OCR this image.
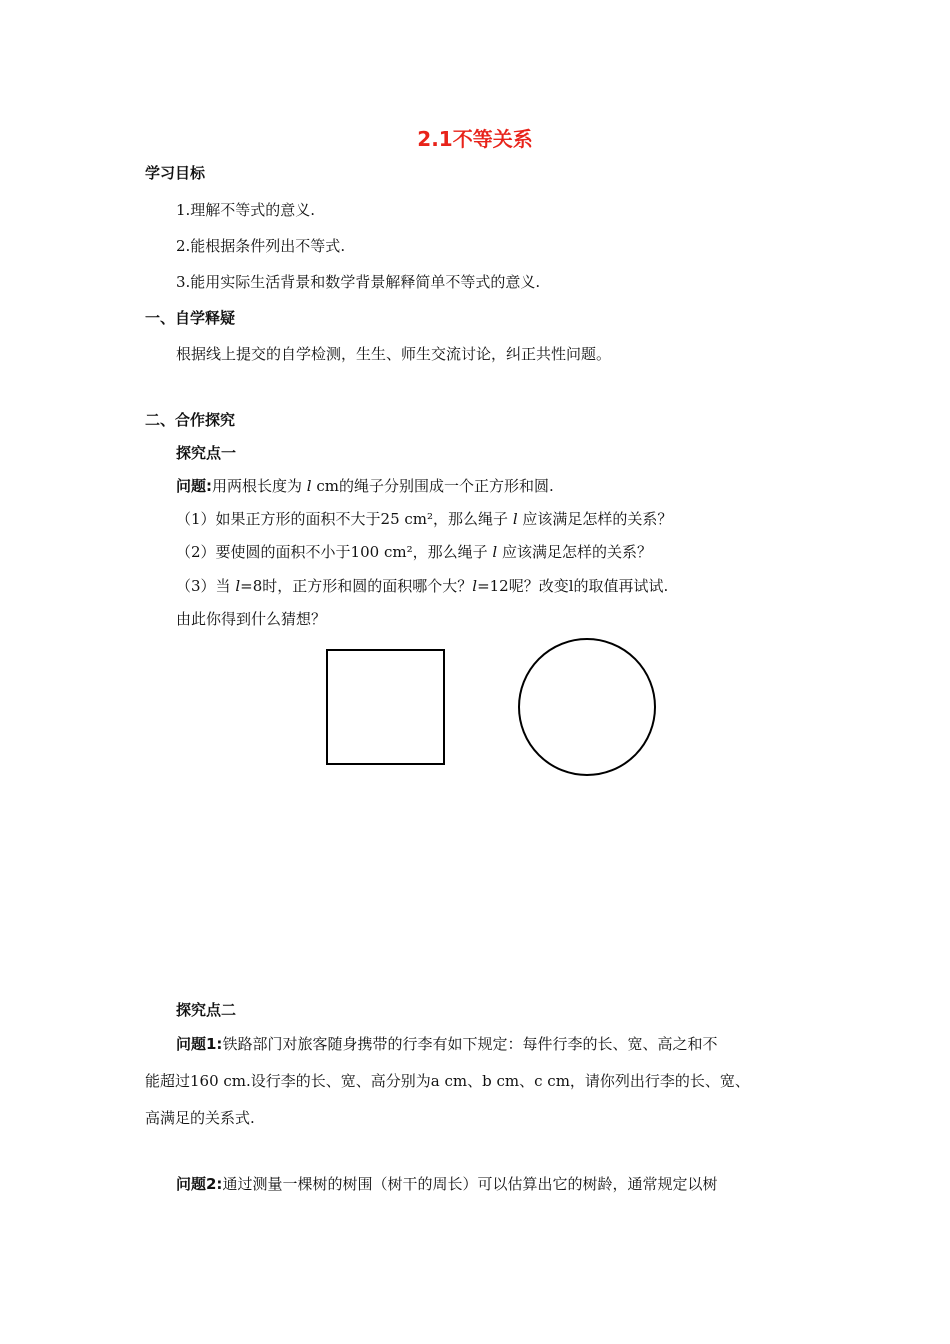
2.1不等关系
学习目标
1.理解不等式的意义.
2.能根据条件列出不等式.
3.能用实际生活背景和数学背景解释简单不等式的意义.
一、自学释疑
根据线上提交的自学检测，生生、师生交流讨论，纠正共性问题。
二、合作探究
探究点一
问题:用两根长度为 l cm的绳子分别围成一个正方形和圆.
（1）如果正方形的面积不大于25 cm²，那么绳子 l 应该满足怎样的关系？
（2）要使圆的面积不小于100 cm²，那么绳子 l 应该满足怎样的关系？
（3）当 l=8时，正方形和圆的面积哪个大？l=12呢？改变l的取值再试试.
由此你得到什么猜想？
探究点二
问题1:铁路部门对旅客随身携带的行李有如下规定：每件行李的长、宽、高之和不
能超过160 cm.设行李的长、宽、高分别为a cm、b cm、c cm，请你列出行李的长、宽、
高满足的关系式.
问题2:通过测量一棵树的树围（树干的周长）可以估算出它的树龄，通常规定以树
